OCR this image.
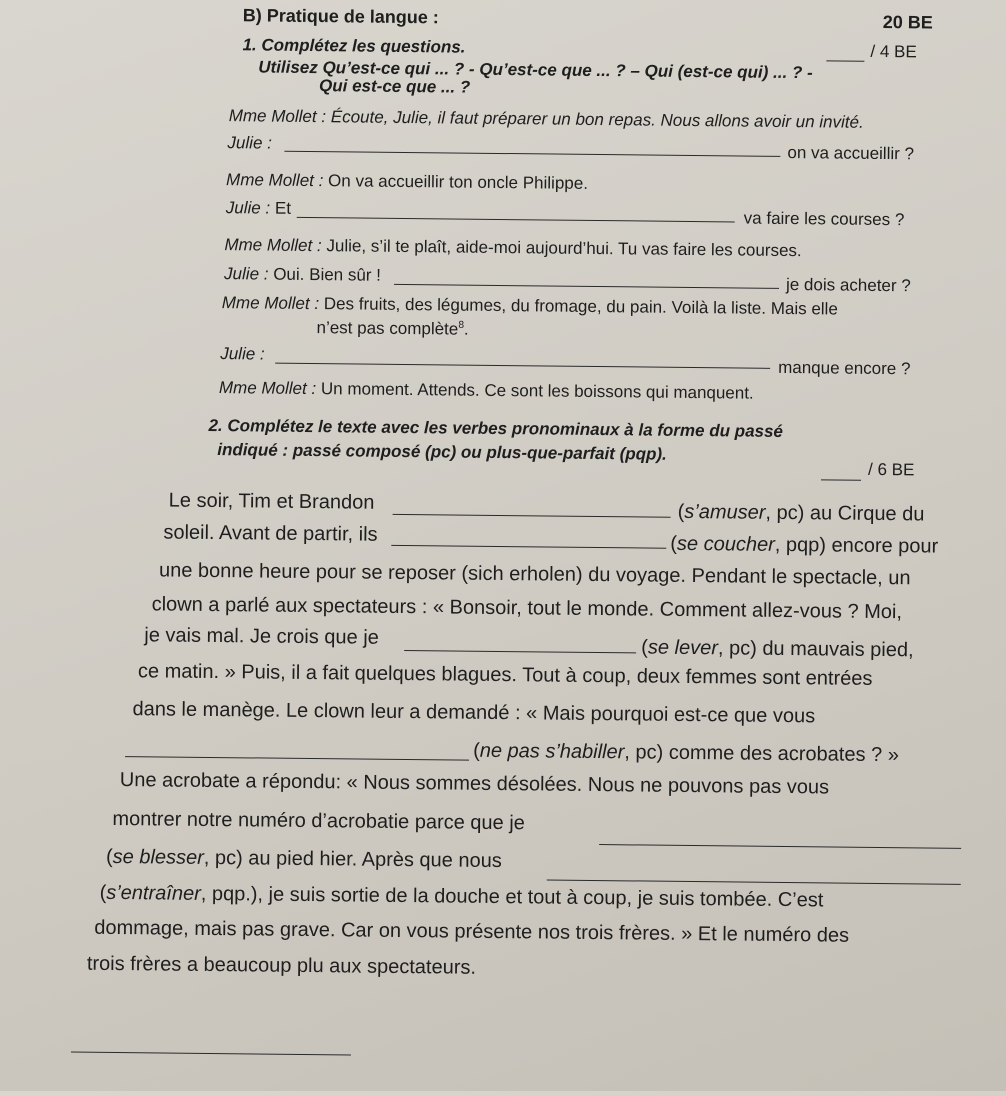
B) Pratique de langue :	20 BE
1. Complétez les questions.	/ 4 BE
Utilisez Qu’est-ce qui ... ? - Qu’est-ce que ... ? – Qui (est-ce qui) ... ? -
Qui est-ce que ... ?
Mme Mollet : Écoute, Julie, il faut préparer un bon repas. Nous allons avoir un invité.
Julie :
on va accueillir ?
Mme Mollet : On va accueillir ton oncle Philippe.
Julie : Et
va faire les courses ?
Mme Mollet : Julie, s’il te plaît, aide-moi aujourd’hui. Tu vas faire les courses.
Julie : Oui. Bien sûr !
je dois acheter ?
Mme Mollet : Des fruits, des légumes, du fromage, du pain. Voilà la liste. Mais elle
n’est pas complète$^8$.
Julie :
manque encore ?
Mme Mollet : Un moment. Attends. Ce sont les boissons qui manquent.
2. Complétez le texte avec les verbes pronominaux à la forme du passé
indiqué : passé composé (pc) ou plus-que-parfait (pqp).
/ 6 BE
Le soir, Tim et Brandon	(s’amuser, pc) au Cirque du
soleil. Avant de partir, ils	(se coucher, pqp) encore pour
une bonne heure pour se reposer (sich erholen) du voyage. Pendant le spectacle, un
clown a parlé aux spectateurs : « Bonsoir, tout le monde. Comment allez-vous ? Moi,
je vais mal. Je crois que je	(se lever, pc) du mauvais pied,
ce matin. » Puis, il a fait quelques blagues. Tout à coup, deux femmes sont entrées
dans le manège. Le clown leur a demandé : « Mais pourquoi est-ce que vous
(ne pas s’habiller, pc) comme des acrobates ? »
Une acrobate a répondu: « Nous sommes désolées. Nous ne pouvons pas vous
montrer notre numéro d’acrobatie parce que je
(se blesser, pc) au pied hier. Après que nous
(s’entraîner, pqp.), je suis sortie de la douche et tout à coup, je suis tombée. C’est
dommage, mais pas grave. Car on vous présente nos trois frères. » Et le numéro des
trois frères a beaucoup plu aux spectateurs.
